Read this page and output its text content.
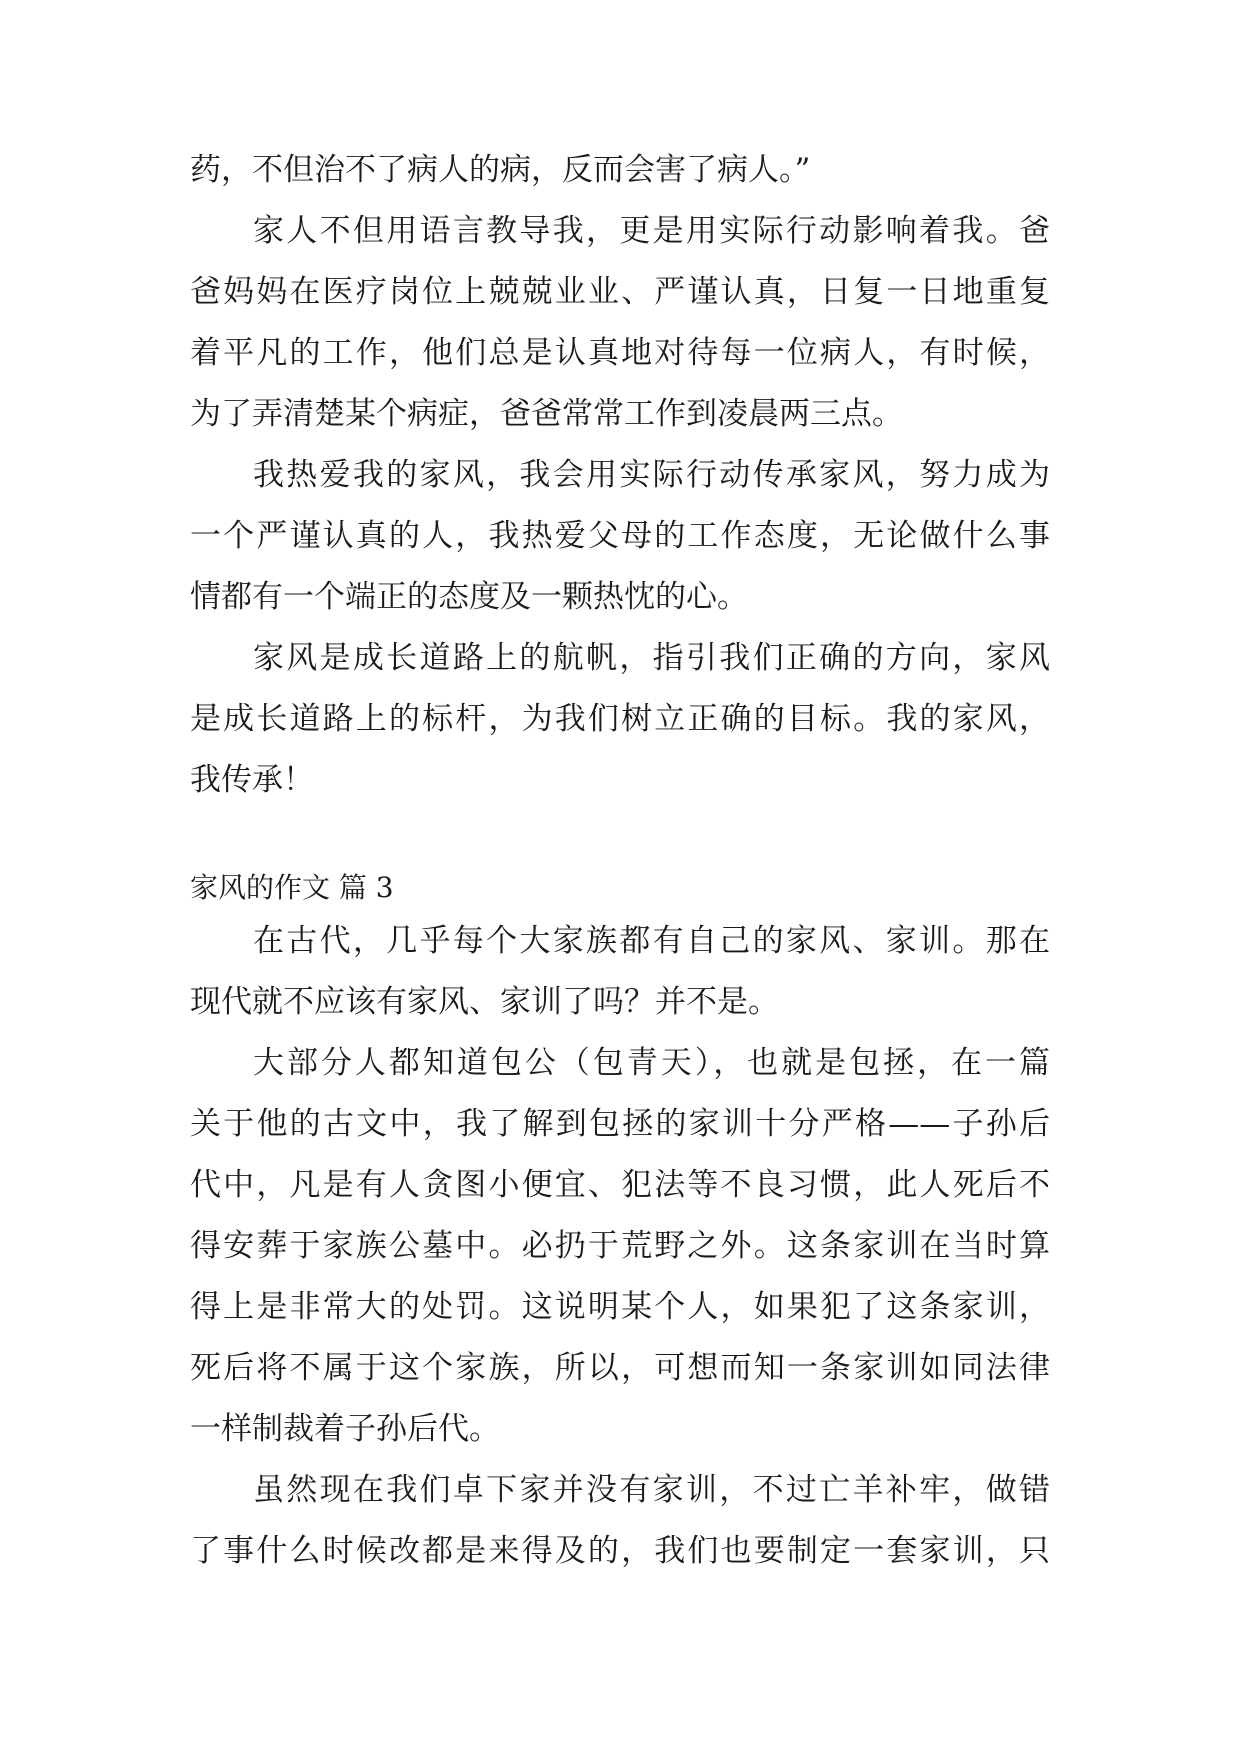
药，不但治不了病人的病，反而会害了病人。”
家人不但用语言教导我，更是用实际行动影响着我。爸
爸妈妈在医疗岗位上兢兢业业、严谨认真，日复一日地重复
着平凡的工作，他们总是认真地对待每一位病人，有时候，
为了弄清楚某个病症，爸爸常常工作到凌晨两三点。
我热爱我的家风，我会用实际行动传承家风，努力成为
一个严谨认真的人，我热爱父母的工作态度，无论做什么事
情都有一个端正的态度及一颗热忱的心。
家风是成长道路上的航帆，指引我们正确的方向，家风
是成长道路上的标杆，为我们树立正确的目标。我的家风，
我传承！
家风的作文 篇 3
在古代，几乎每个大家族都有自己的家风、家训。那在
现代就不应该有家风、家训了吗？并不是。
大部分人都知道包公（包青天），也就是包拯，在一篇
关于他的古文中，我了解到包拯的家训十分严格——子孙后
代中，凡是有人贪图小便宜、犯法等不良习惯，此人死后不
得安葬于家族公墓中。必扔于荒野之外。这条家训在当时算
得上是非常大的处罚。这说明某个人，如果犯了这条家训，
死后将不属于这个家族，所以，可想而知一条家训如同法律
一样制裁着子孙后代。
虽然现在我们卓下家并没有家训，不过亡羊补牢，做错
了事什么时候改都是来得及的，我们也要制定一套家训，只
